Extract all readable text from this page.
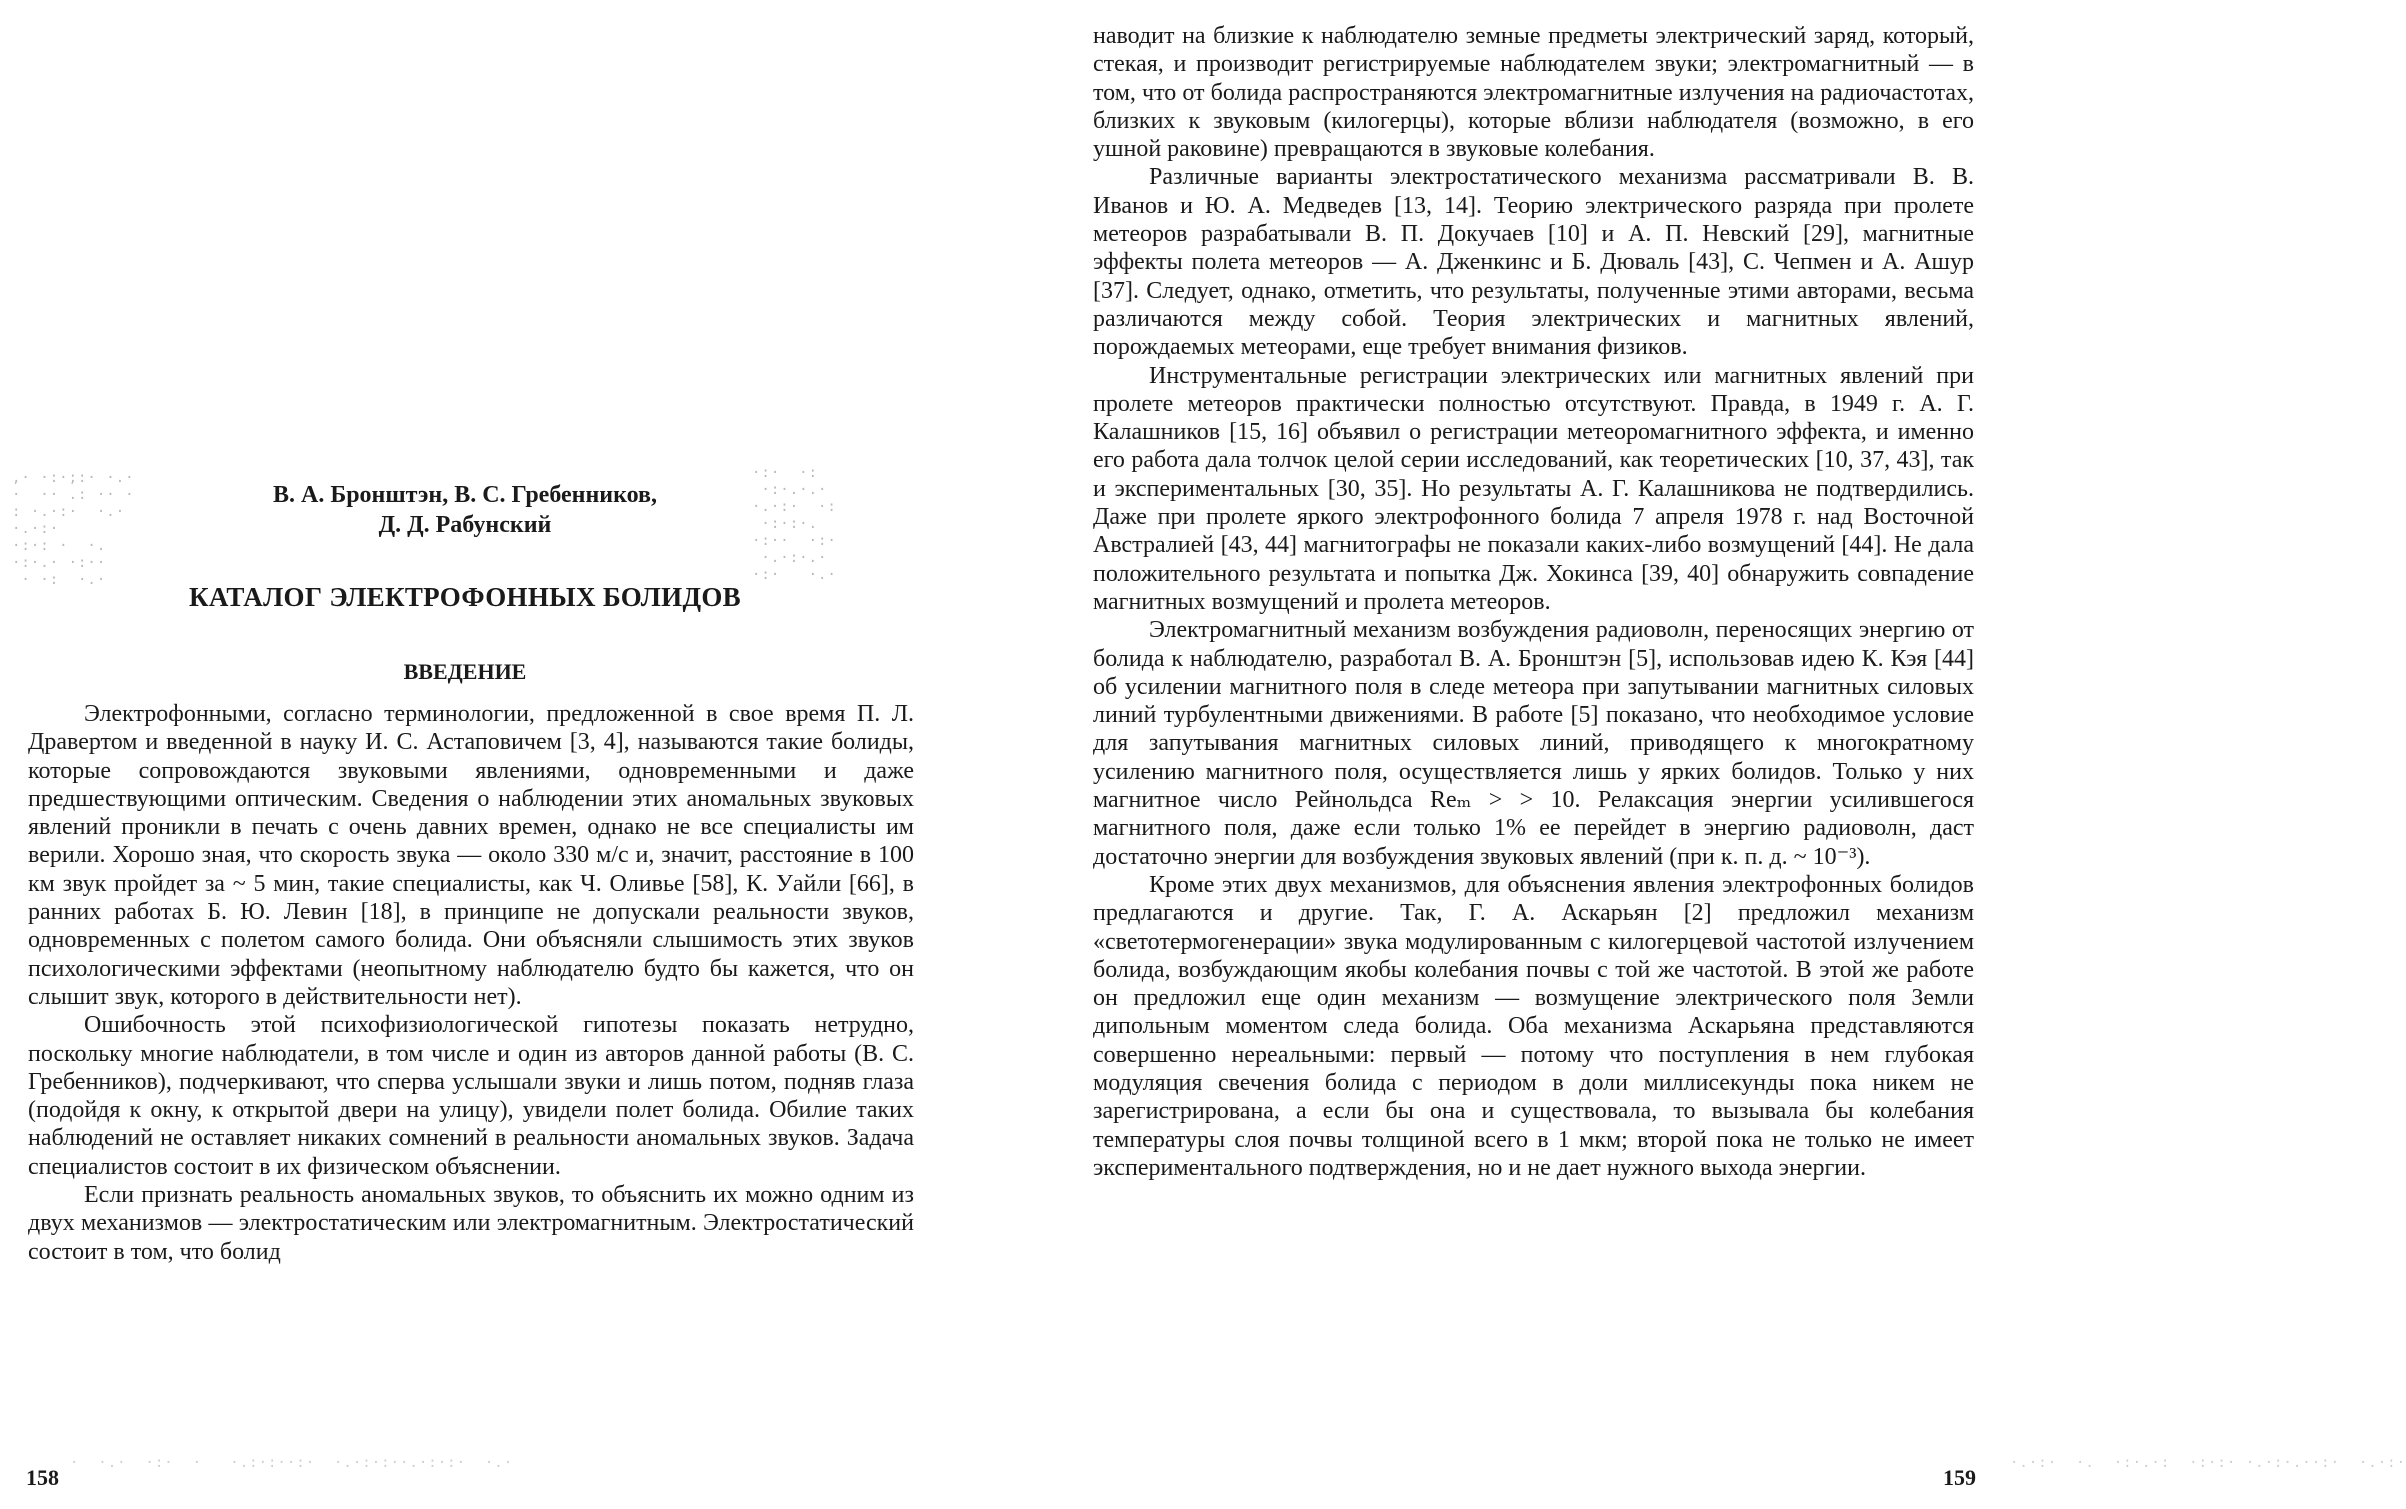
,· ·:·;:· ·.·
·  ·· .: ·· ·
: ·.·:·  ·.·
·.·:·
·:·: ·  ·.
·:·.· ·:··
· ·:  ·.·
·:·  ·:
·:·.·.·
·.·:·  ·:
·:·:·.
·:··  ·:·
·.·:·.·
·:·   ·.·
·  ·.·  ·:·  ·   ·.:·:··:·  ·.·:·:··.·:·:·  ·.·
В. А. Бронштэн, В. С. Гребенников,
Д. Д. Рабунский
КАТАЛОГ ЭЛЕКТРОФОННЫХ БОЛИДОВ
ВВЕДЕНИЕ

Электрофонными, согласно терминологии, предложенной в свое время П. Л. Дравертом и введенной в науку И. С. Астаповичем [3, 4], называются такие болиды, которые сопровождаются звуковыми явлениями, одновременными и даже предшествующими оптическим. Сведения о наблюдении этих аномальных звуковых явлений проникли в печать с очень давних времен, однако не все специалисты им верили. Хорошо зная, что скорость звука — около 330 м/с и, значит, расстояние в 100 км звук пройдет за ~ 5 мин, такие специалисты, как Ч. Оливье [58], К. Уайли [66], в ранних работах Б. Ю. Левин [18], в принципе не допускали реальности звуков, одновременных с полетом самого болида. Они объясняли слышимость этих звуков психологическими эффектами (неопытному наблюдателю будто бы кажется, что он слышит звук, которого в действительности нет).

Ошибочность этой психофизиологической гипотезы показать нетрудно, поскольку многие наблюдатели, в том числе и один из авторов данной работы (В. С. Гребенников), подчеркивают, что сперва услышали звуки и лишь потом, подняв глаза (подойдя к окну, к открытой двери на улицу), увидели полет болида. Обилие таких наблюдений не оставляет никаких сомнений в реальности аномальных звуков. Задача специалистов состоит в их физическом объяснении.

Если признать реальность аномальных звуков, то объяснить их можно одним из двух механизмов — электростатическим или электромагнитным. Электростатический состоит в том, что болид

158
·.·:·  ·.  ·:·.·:  ·:·:· ·.·:·.··:·  ·.·:·

наводит на близкие к наблюдателю земные предметы электрический заряд, который, стекая, и производит регистрируемые наблюдателем звуки; электромагнитный — в том, что от болида распространяются электромагнитные излучения на радиочастотах, близких к звуковым (килогерцы), которые вблизи наблюдателя (возможно, в его ушной раковине) превращаются в звуковые колебания.

Различные варианты электростатического механизма рассматривали В. В. Иванов и Ю. А. Медведев [13, 14]. Теорию электрического разряда при пролете метеоров разрабатывали В. П. Докучаев [10] и А. П. Невский [29], магнитные эффекты полета метеоров — А. Дженкинс и Б. Дюваль [43], С. Чепмен и А. Ашур [37]. Следует, однако, отметить, что результаты, полученные этими авторами, весьма различаются между собой. Теория электрических и магнитных явлений, порождаемых метеорами, еще требует внимания физиков.

Инструментальные регистрации электрических или магнитных явлений при пролете метеоров практически полностью отсутствуют. Правда, в 1949 г. А. Г. Калашников [15, 16] объявил о регистрации метеоромагнитного эффекта, и именно его работа дала толчок целой серии исследований, как теоретических [10, 37, 43], так и экспериментальных [30, 35]. Но результаты А. Г. Калашникова не подтвердились. Даже при пролете яркого электрофонного болида 7 апреля 1978 г. над Восточной Австралией [43, 44] магнитографы не показали каких-либо возмущений [44]. Не дала положительного результата и попытка Дж. Хокинса [39, 40] обнаружить совпадение магнитных возмущений и пролета метеоров.

Электромагнитный механизм возбуждения радиоволн, переносящих энергию от болида к наблюдателю, разработал В. А. Бронштэн [5], использовав идею К. Кэя [44] об усилении магнитного поля в следе метеора при запутывании магнитных силовых линий турбулентными движениями. В работе [5] показано, что необходимое условие для запутывания магнитных силовых линий, приводящего к многократному усилению магнитного поля, осуществляется лишь у ярких болидов. Только у них магнитное число Рейнольдса Reₘ > > 10. Релаксация энергии усилившегося магнитного поля, даже если только 1% ее перейдет в энергию радиоволн, даст достаточно энергии для возбуждения звуковых явлений (при к. п. д. ~ 10⁻³).

Кроме этих двух механизмов, для объяснения явления электрофонных болидов предлагаются и другие. Так, Г. А. Аскарьян [2] предложил механизм «светотермогенерации» звука модулированным с килогерцевой частотой излучением болида, возбуждающим якобы колебания почвы с той же частотой. В этой же работе он предложил еще один механизм — возмущение электрического поля Земли дипольным моментом следа болида. Оба механизма Аскарьяна представляются совершенно нереальными: первый — потому что поступления в нем глубокая модуляция свечения болида с периодом в доли миллисекунды пока никем не зарегистрирована, а если бы она и существовала, то вызывала бы колебания температуры слоя почвы толщиной всего в 1 мкм; второй пока не только не имеет экспериментального подтверждения, но и не дает нужного выхода энергии.

159
